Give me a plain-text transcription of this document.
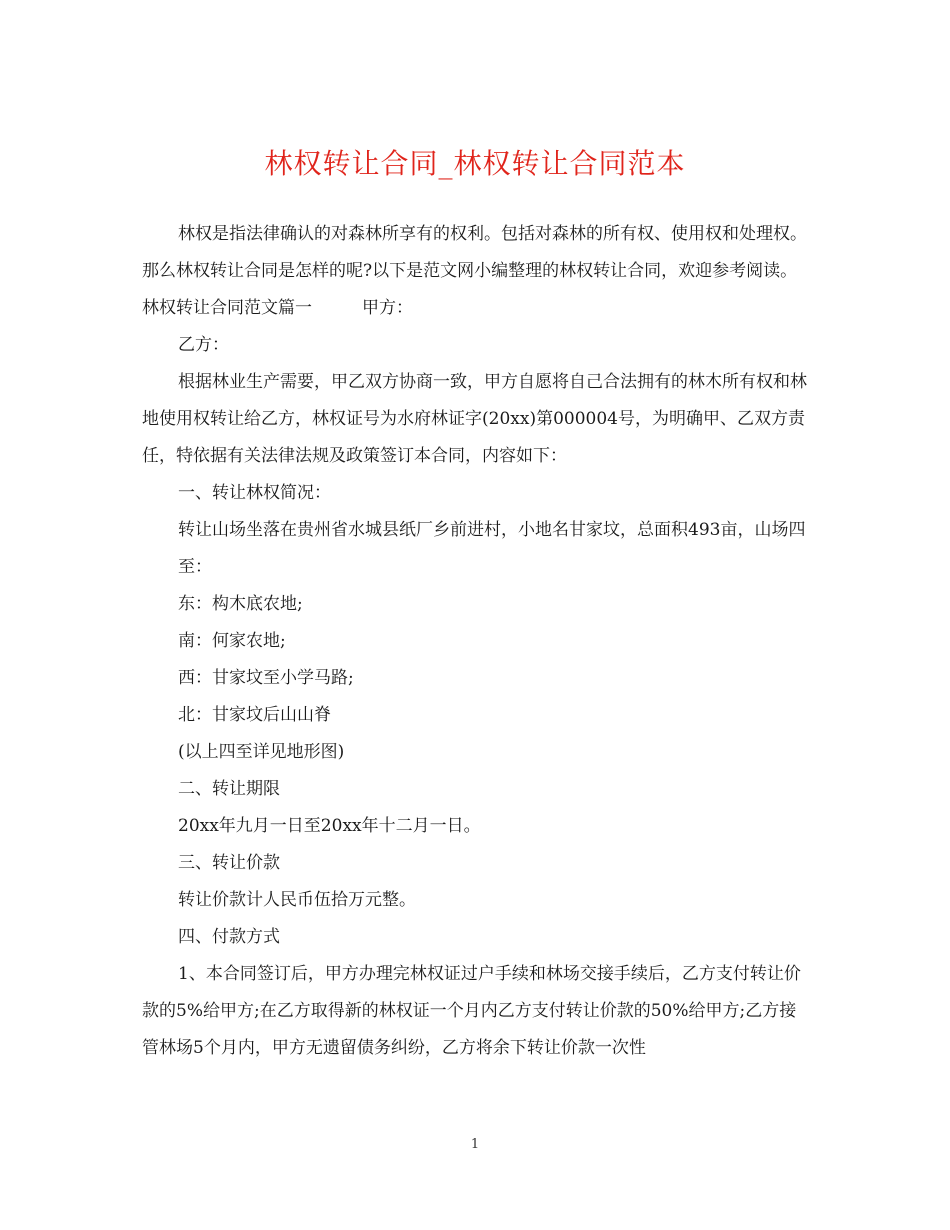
林权转让合同_林权转让合同范本

林权是指法律确认的对森林所享有的权利。包括对森林的所有权、使用权和处理权。那么林权转让合同是怎样的呢?以下是范文网小编整理的林权转让合同，欢迎参考阅读。

林权转让合同范文篇一	甲方：

乙方：

根据林业生产需要，甲乙双方协商一致，甲方自愿将自己合法拥有的林木所有权和林地使用权转让给乙方，林权证号为水府林证字(20xx)第000004号，为明确甲、乙双方责任，特依据有关法律法规及政策签订本合同，内容如下：

一、转让林权简况：

转让山场坐落在贵州省水城县纸厂乡前进村，小地名甘家坟，总面积493亩，山场四至：

东：构木底农地;

南：何家农地;

西：甘家坟至小学马路;

北：甘家坟后山山脊

(以上四至详见地形图)

二、转让期限

20xx年九月一日至20xx年十二月一日。

三、转让价款

转让价款计人民币伍拾万元整。

四、付款方式

1、本合同签订后，甲方办理完林权证过户手续和林场交接手续后，乙方支付转让价款的5%给甲方;在乙方取得新的林权证一个月内乙方支付转让价款的50%给甲方;乙方接管林场5个月内，甲方无遗留债务纠纷，乙方将余下转让价款一次性

1
